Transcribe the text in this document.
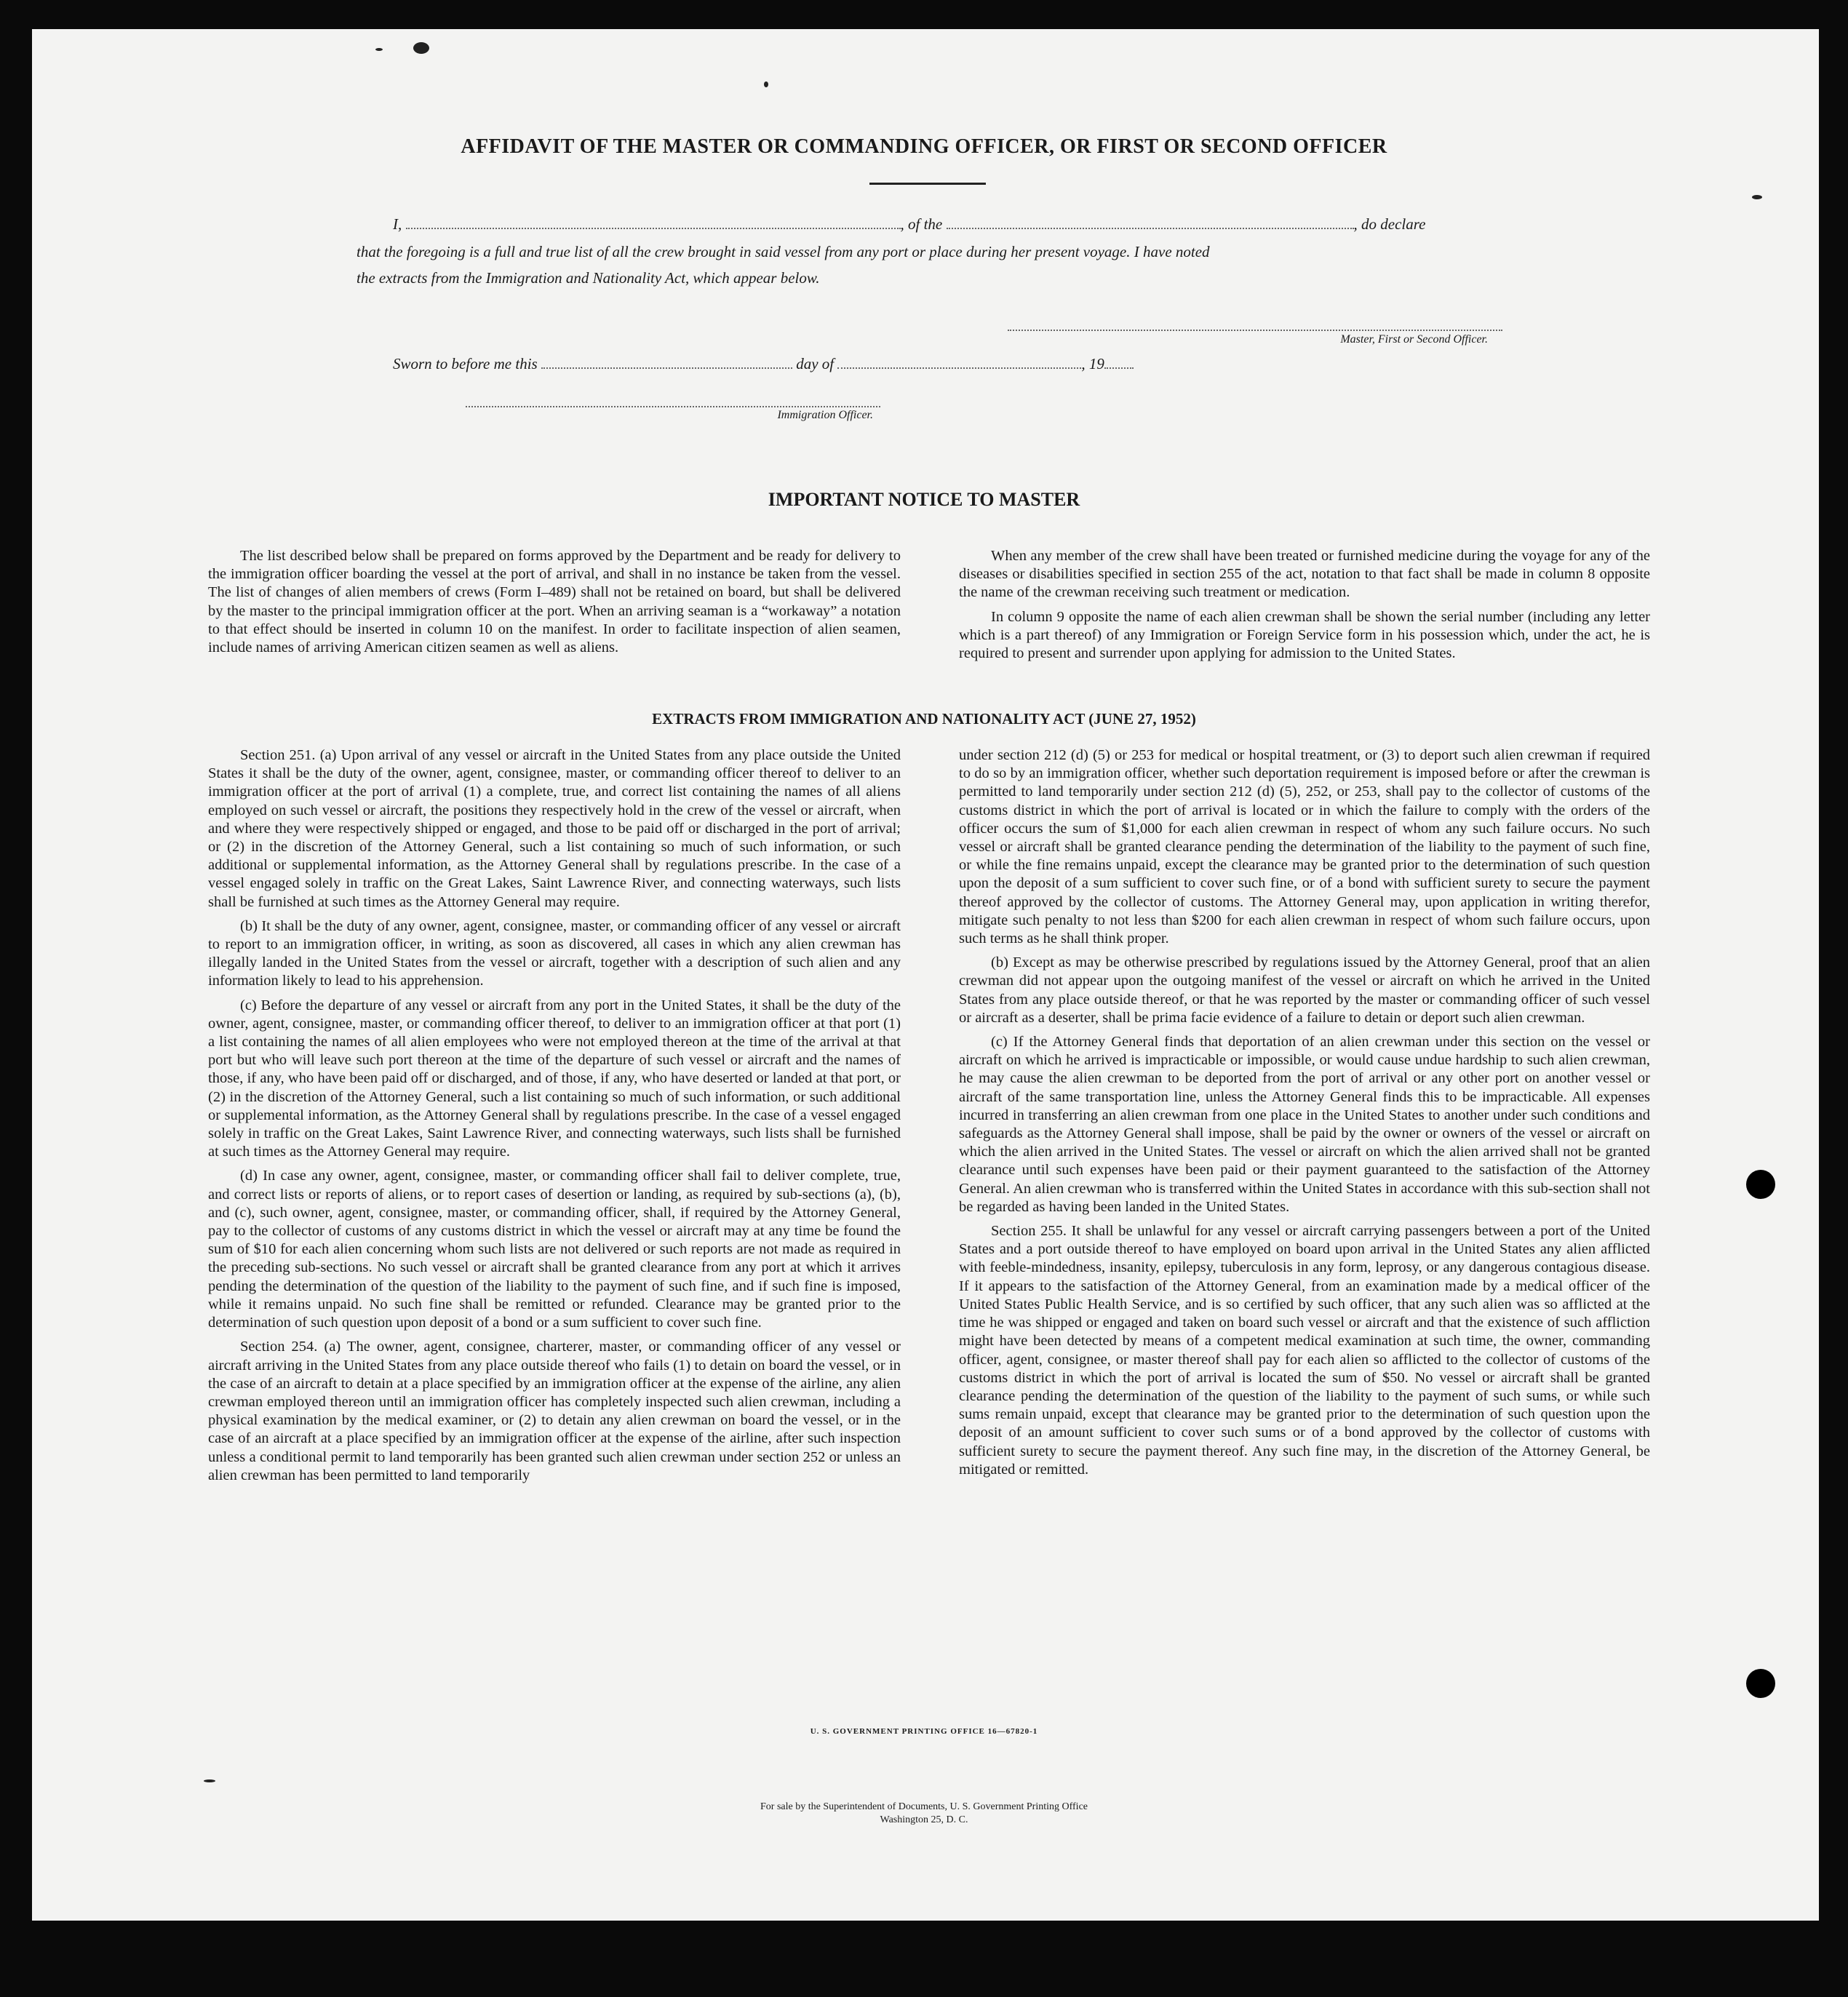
AFFIDAVIT OF THE MASTER OR COMMANDING OFFICER, OR FIRST OR SECOND OFFICER
I,	, of the	, do declare
that the foregoing is a full and true list of all the crew brought in said vessel from any port or place during her present voyage. I have noted
the extracts from the Immigration and Nationality Act, which appear below.
Master, First or Second Officer.
Sworn to before me this	day of	, 19
Immigration Officer.
IMPORTANT NOTICE TO MASTER

The list described below shall be prepared on forms approved by the Department and be ready for delivery to the immigration officer boarding the vessel at the port of arrival, and shall in no instance be taken from the vessel. The list of changes of alien members of crews (Form I–489) shall not be retained on board, but shall be delivered by the master to the principal immigration officer at the port. When an arriving seaman is a “workaway” a notation to that effect should be inserted in column 10 on the manifest. In order to facilitate inspection of alien seamen, include names of arriving American citizen seamen as well as aliens.

When any member of the crew shall have been treated or furnished medicine during the voyage for any of the diseases or disabilities specified in section 255 of the act, notation to that fact shall be made in column 8 opposite the name of the crewman receiving such treatment or medication.

In column 9 opposite the name of each alien crewman shall be shown the serial number (including any letter which is a part thereof) of any Immigration or Foreign Service form in his possession which, under the act, he is required to present and surrender upon applying for admission to the United States.

EXTRACTS FROM IMMIGRATION AND NATIONALITY ACT (JUNE 27, 1952)

Section 251. (a) Upon arrival of any vessel or aircraft in the United States from any place outside the United States it shall be the duty of the owner, agent, consignee, master, or commanding officer thereof to deliver to an immigration officer at the port of arrival (1) a complete, true, and correct list containing the names of all aliens employed on such vessel or aircraft, the positions they respectively hold in the crew of the vessel or aircraft, when and where they were respectively shipped or engaged, and those to be paid off or discharged in the port of arrival; or (2) in the discretion of the Attorney General, such a list containing so much of such information, or such additional or supplemental information, as the Attorney General shall by regulations prescribe. In the case of a vessel engaged solely in traffic on the Great Lakes, Saint Lawrence River, and connecting waterways, such lists shall be furnished at such times as the Attorney General may require.

(b) It shall be the duty of any owner, agent, consignee, master, or commanding officer of any vessel or aircraft to report to an immigration officer, in writing, as soon as discovered, all cases in which any alien crewman has illegally landed in the United States from the vessel or aircraft, together with a description of such alien and any information likely to lead to his apprehension.

(c) Before the departure of any vessel or aircraft from any port in the United States, it shall be the duty of the owner, agent, consignee, master, or commanding officer thereof, to deliver to an immigration officer at that port (1) a list containing the names of all alien employees who were not employed thereon at the time of the arrival at that port but who will leave such port thereon at the time of the departure of such vessel or aircraft and the names of those, if any, who have been paid off or discharged, and of those, if any, who have deserted or landed at that port, or (2) in the discretion of the Attorney General, such a list containing so much of such information, or such additional or supplemental information, as the Attorney General shall by regulations prescribe. In the case of a vessel engaged solely in traffic on the Great Lakes, Saint Lawrence River, and connecting waterways, such lists shall be furnished at such times as the Attorney General may require.

(d) In case any owner, agent, consignee, master, or commanding officer shall fail to deliver complete, true, and correct lists or reports of aliens, or to report cases of desertion or landing, as required by sub-sections (a), (b), and (c), such owner, agent, consignee, master, or commanding officer, shall, if required by the Attorney General, pay to the collector of customs of any customs district in which the vessel or aircraft may at any time be found the sum of $10 for each alien concerning whom such lists are not delivered or such reports are not made as required in the preceding sub-sections. No such vessel or aircraft shall be granted clearance from any port at which it arrives pending the determination of the question of the liability to the payment of such fine, and if such fine is imposed, while it remains unpaid. No such fine shall be remitted or refunded. Clearance may be granted prior to the determination of such question upon deposit of a bond or a sum sufficient to cover such fine.

Section 254. (a) The owner, agent, consignee, charterer, master, or commanding officer of any vessel or aircraft arriving in the United States from any place outside thereof who fails (1) to detain on board the vessel, or in the case of an aircraft to detain at a place specified by an immigration officer at the expense of the airline, any alien crewman employed thereon until an immigration officer has completely inspected such alien crewman, including a physical examination by the medical examiner, or (2) to detain any alien crewman on board the vessel, or in the case of an aircraft at a place specified by an immigration officer at the expense of the airline, after such inspection unless a conditional permit to land temporarily has been granted such alien crewman under section 252 or unless an alien crewman has been permitted to land temporarily

under section 212 (d) (5) or 253 for medical or hospital treatment, or (3) to deport such alien crewman if required to do so by an immigration officer, whether such deportation requirement is imposed before or after the crewman is permitted to land temporarily under section 212 (d) (5), 252, or 253, shall pay to the collector of customs of the customs district in which the port of arrival is located or in which the failure to comply with the orders of the officer occurs the sum of $1,000 for each alien crewman in respect of whom any such failure occurs. No such vessel or aircraft shall be granted clearance pending the determination of the liability to the payment of such fine, or while the fine remains unpaid, except the clearance may be granted prior to the determination of such question upon the deposit of a sum sufficient to cover such fine, or of a bond with sufficient surety to secure the payment thereof approved by the collector of customs. The Attorney General may, upon application in writing therefor, mitigate such penalty to not less than $200 for each alien crewman in respect of whom such failure occurs, upon such terms as he shall think proper.

(b) Except as may be otherwise prescribed by regulations issued by the Attorney General, proof that an alien crewman did not appear upon the outgoing manifest of the vessel or aircraft on which he arrived in the United States from any place outside thereof, or that he was reported by the master or commanding officer of such vessel or aircraft as a deserter, shall be prima facie evidence of a failure to detain or deport such alien crewman.

(c) If the Attorney General finds that deportation of an alien crewman under this section on the vessel or aircraft on which he arrived is impracticable or impossible, or would cause undue hardship to such alien crewman, he may cause the alien crewman to be deported from the port of arrival or any other port on another vessel or aircraft of the same transportation line, unless the Attorney General finds this to be impracticable. All expenses incurred in transferring an alien crewman from one place in the United States to another under such conditions and safeguards as the Attorney General shall impose, shall be paid by the owner or owners of the vessel or aircraft on which the alien arrived in the United States. The vessel or aircraft on which the alien arrived shall not be granted clearance until such expenses have been paid or their payment guaranteed to the satisfaction of the Attorney General. An alien crewman who is transferred within the United States in accordance with this sub-section shall not be regarded as having been landed in the United States.

Section 255. It shall be unlawful for any vessel or aircraft carrying passengers between a port of the United States and a port outside thereof to have employed on board upon arrival in the United States any alien afflicted with feeble-mindedness, insanity, epilepsy, tuberculosis in any form, leprosy, or any dangerous contagious disease. If it appears to the satisfaction of the Attorney General, from an examination made by a medical officer of the United States Public Health Service, and is so certified by such officer, that any such alien was so afflicted at the time he was shipped or engaged and taken on board such vessel or aircraft and that the existence of such affliction might have been detected by means of a competent medical examination at such time, the owner, commanding officer, agent, consignee, or master thereof shall pay for each alien so afflicted to the collector of customs of the customs district in which the port of arrival is located the sum of $50. No vessel or aircraft shall be granted clearance pending the determination of the question of the liability to the payment of such sums, or while such sums remain unpaid, except that clearance may be granted prior to the determination of such question upon the deposit of an amount sufficient to cover such sums or of a bond approved by the collector of customs with sufficient surety to secure the payment thereof. Any such fine may, in the discretion of the Attorney General, be mitigated or remitted.

U. S. GOVERNMENT PRINTING OFFICE 16—67820-1
For sale by the Superintendent of Documents, U. S. Government Printing Office
Washington 25, D. C.
